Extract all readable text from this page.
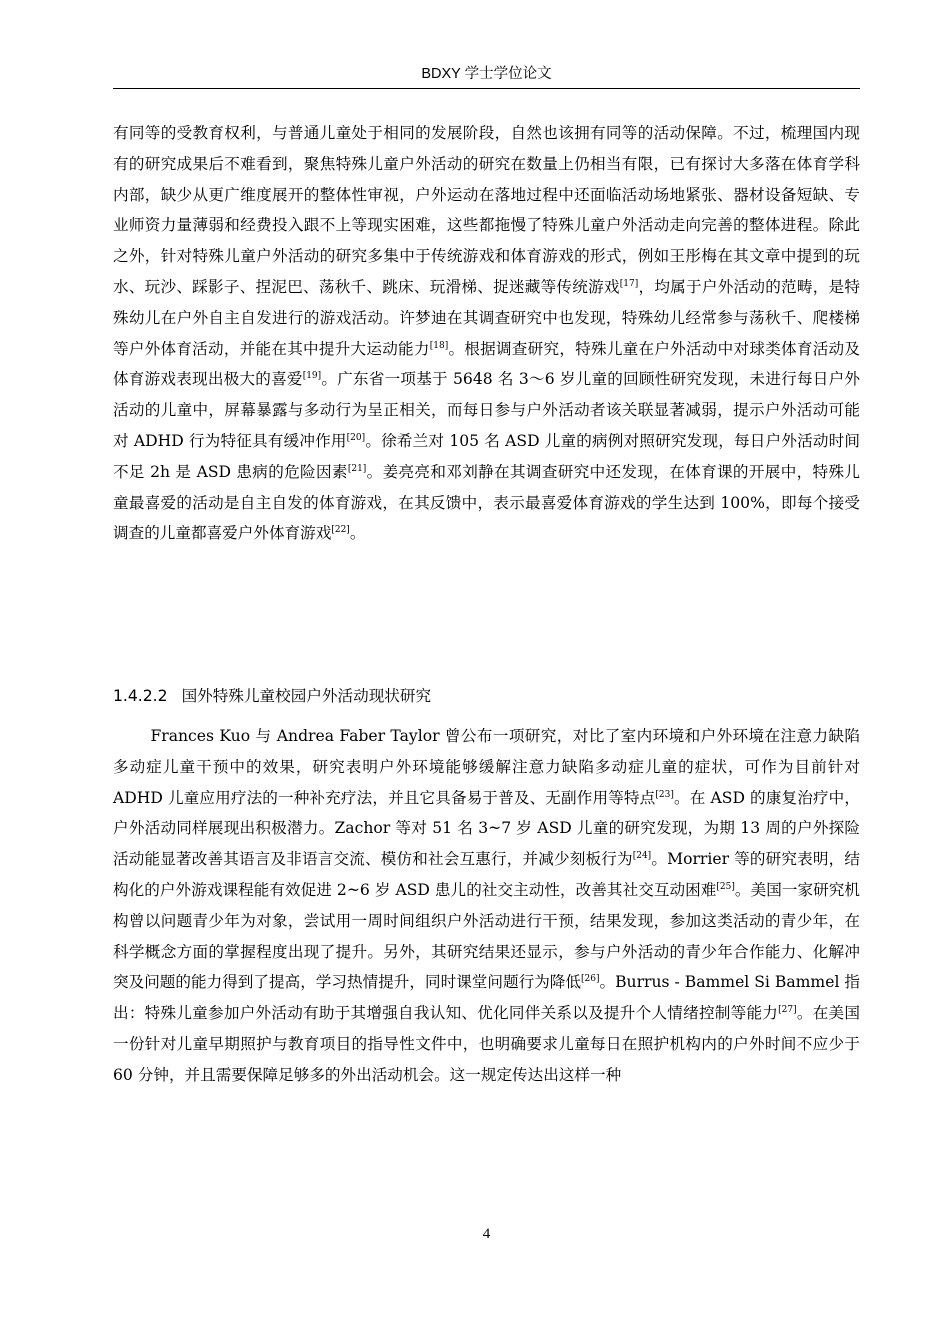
BDXY 学士学位论文

有同等的受教育权利，与普通儿童处于相同的发展阶段，自然也该拥有同等的活动保障。不过，梳理国内现有的研究成果后不难看到，聚焦特殊儿童户外活动的研究在数量上仍相当有限，已有探讨大多落在体育学科内部，缺少从更广维度展开的整体性审视，户外运动在落地过程中还面临活动场地紧张、器材设备短缺、专业师资力量薄弱和经费投入跟不上等现实困难，这些都拖慢了特殊儿童户外活动走向完善的整体进程。除此之外，针对特殊儿童户外活动的研究多集中于传统游戏和体育游戏的形式，例如王彤梅在其文章中提到的玩水、玩沙、踩影子、捏泥巴、荡秋千、跳床、玩滑梯、捉迷藏等传统游戏[17]，均属于户外活动的范畴，是特殊幼儿在户外自主自发进行的游戏活动。许梦迪在其调查研究中也发现，特殊幼儿经常参与荡秋千、爬楼梯等户外体育活动，并能在其中提升大运动能力[18]。根据调查研究，特殊儿童在户外活动中对球类体育活动及体育游戏表现出极大的喜爱[19]。广东省一项基于 5648 名 3～6 岁儿童的回顾性研究发现，未进行每日户外活动的儿童中，屏幕暴露与多动行为呈正相关，而每日参与户外活动者该关联显著减弱，提示户外活动可能对 ADHD 行为特征具有缓冲作用[20]。徐希兰对 105 名 ASD 儿童的病例对照研究发现，每日户外活动时间不足 2h 是 ASD 患病的危险因素[21]。姜亮亮和邓刘静在其调查研究中还发现，在体育课的开展中，特殊儿童最喜爱的活动是自主自发的体育游戏，在其反馈中，表示最喜爱体育游戏的学生达到 100%，即每个接受调查的儿童都喜爱户外体育游戏[22]。

1.4.2.2 国外特殊儿童校园户外活动现状研究

Frances Kuo 与 Andrea Faber Taylor 曾公布一项研究，对比了室内环境和户外环境在注意力缺陷多动症儿童干预中的效果，研究表明户外环境能够缓解注意力缺陷多动症儿童的症状，可作为目前针对 ADHD 儿童应用疗法的一种补充疗法，并且它具备易于普及、无副作用等特点[23]。在 ASD 的康复治疗中，户外活动同样展现出积极潜力。Zachor 等对 51 名 3~7 岁 ASD 儿童的研究发现，为期 13 周的户外探险活动能显著改善其语言及非语言交流、模仿和社会互惠行，并减少刻板行为[24]。Morrier 等的研究表明，结构化的户外游戏课程能有效促进 2~6 岁 ASD 患儿的社交主动性，改善其社交互动困难[25]。美国一家研究机构曾以问题青少年为对象，尝试用一周时间组织户外活动进行干预，结果发现，参加这类活动的青少年，在科学概念方面的掌握程度出现了提升。另外，其研究结果还显示，参与户外活动的青少年合作能力、化解冲突及问题的能力得到了提高，学习热情提升，同时课堂问题行为降低[26]。Burrus - Bammel Si Bammel 指出：特殊儿童参加户外活动有助于其增强自我认知、优化同伴关系以及提升个人情绪控制等能力[27]。在美国一份针对儿童早期照护与教育项目的指导性文件中，也明确要求儿童每日在照护机构内的户外时间不应少于 60 分钟，并且需要保障足够多的外出活动机会。这一规定传达出这样一种

4
